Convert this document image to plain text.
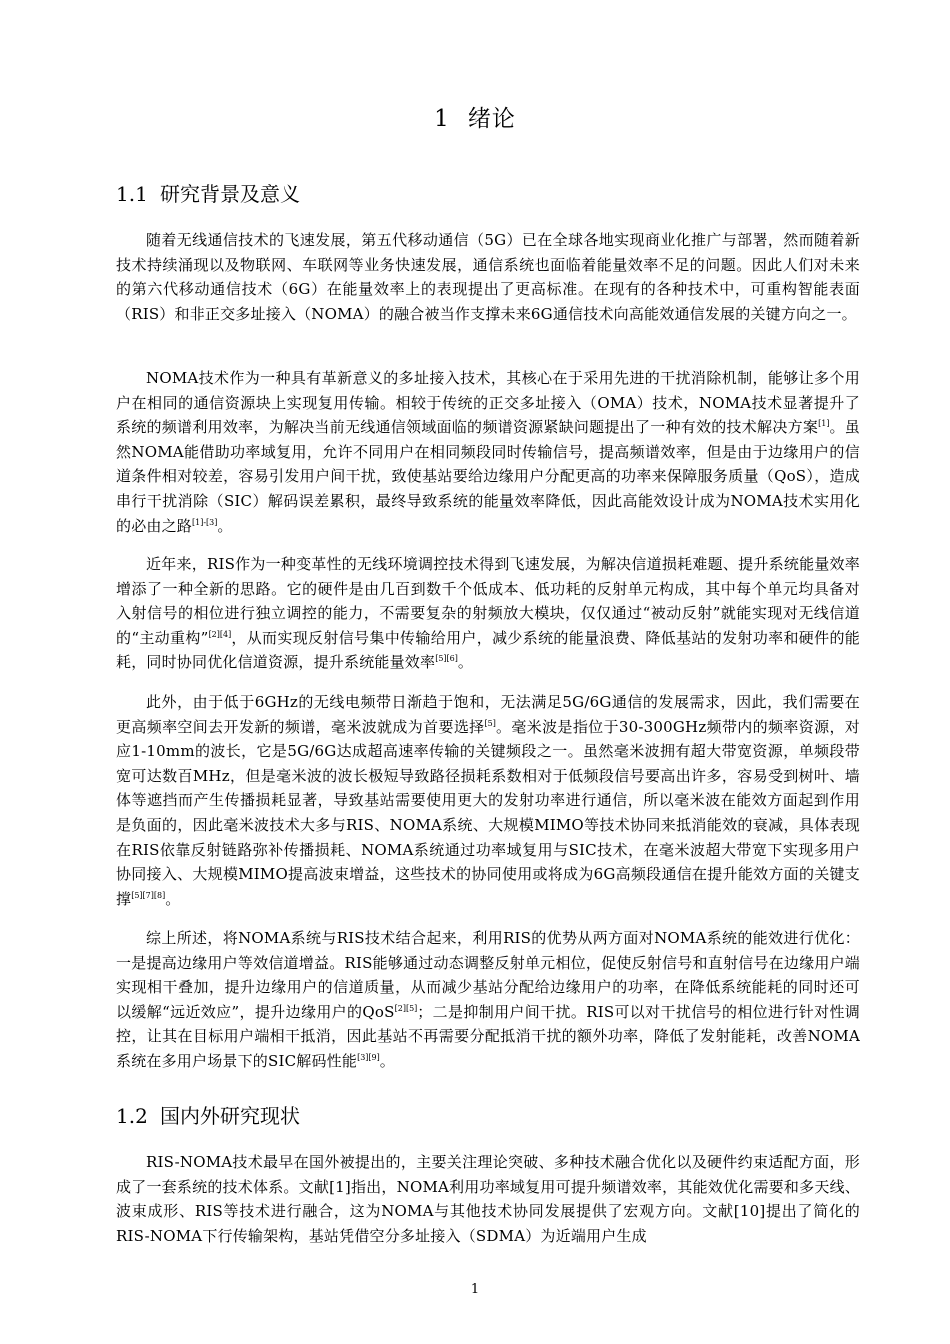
1 绪论
1.1 研究背景及意义

随着无线通信技术的飞速发展，第五代移动通信（5G）已在全球各地实现商业化推广与部署，然而随着新技术持续涌现以及物联网、车联网等业务快速发展，通信系统也面临着能量效率不足的问题。因此人们对未来的第六代移动通信技术（6G）在能量效率上的表现提出了更高标准。在现有的各种技术中，可重构智能表面（RIS）和非正交多址接入（NOMA）的融合被当作支撑未来6G通信技术向高能效通信发展的关键方向之一。

NOMA技术作为一种具有革新意义的多址接入技术，其核心在于采用先进的干扰消除机制，能够让多个用户在相同的通信资源块上实现复用传输。相较于传统的正交多址接入（OMA）技术，NOMA技术显著提升了系统的频谱利用效率，为解决当前无线通信领域面临的频谱资源紧缺问题提出了一种有效的技术解决方案[1]。虽然NOMA能借助功率域复用，允许不同用户在相同频段同时传输信号，提高频谱效率，但是由于边缘用户的信道条件相对较差，容易引发用户间干扰，致使基站要给边缘用户分配更高的功率来保障服务质量（QoS），造成串行干扰消除（SIC）解码误差累积，最终导致系统的能量效率降低，因此高能效设计成为NOMA技术实用化的必由之路[1]-[3]。

近年来，RIS作为一种变革性的无线环境调控技术得到飞速发展，为解决信道损耗难题、提升系统能量效率增添了一种全新的思路。它的硬件是由几百到数千个低成本、低功耗的反射单元构成，其中每个单元均具备对入射信号的相位进行独立调控的能力，不需要复杂的射频放大模块，仅仅通过“被动反射”就能实现对无线信道的“主动重构”[2][4]，从而实现反射信号集中传输给用户，减少系统的能量浪费、降低基站的发射功率和硬件的能耗，同时协同优化信道资源，提升系统能量效率[5][6]。

此外，由于低于6GHz的无线电频带日渐趋于饱和，无法满足5G/6G通信的发展需求，因此，我们需要在更高频率空间去开发新的频谱，毫米波就成为首要选择[5]。毫米波是指位于30-300GHz频带内的频率资源，对应1-10mm的波长，它是5G/6G达成超高速率传输的关键频段之一。虽然毫米波拥有超大带宽资源，单频段带宽可达数百MHz，但是毫米波的波长极短导致路径损耗系数相对于低频段信号要高出许多，容易受到树叶、墙体等遮挡而产生传播损耗显著，导致基站需要使用更大的发射功率进行通信，所以毫米波在能效方面起到作用是负面的，因此毫米波技术大多与RIS、NOMA系统、大规模MIMO等技术协同来抵消能效的衰减，具体表现在RIS依靠反射链路弥补传播损耗、NOMA系统通过功率域复用与SIC技术，在毫米波超大带宽下实现多用户协同接入、大规模MIMO提高波束增益，这些技术的协同使用或将成为6G高频段通信在提升能效方面的关键支撑[5][7][8]。

综上所述，将NOMA系统与RIS技术结合起来，利用RIS的优势从两方面对NOMA系统的能效进行优化：一是提高边缘用户等效信道增益。RIS能够通过动态调整反射单元相位，促使反射信号和直射信号在边缘用户端实现相干叠加，提升边缘用户的信道质量，从而减少基站分配给边缘用户的功率，在降低系统能耗的同时还可以缓解“远近效应”，提升边缘用户的QoS[2][5]；二是抑制用户间干扰。RIS可以对干扰信号的相位进行针对性调控，让其在目标用户端相干抵消，因此基站不再需要分配抵消干扰的额外功率，降低了发射能耗，改善NOMA系统在多用户场景下的SIC解码性能[3][9]。

1.2 国内外研究现状

RIS-NOMA技术最早在国外被提出的，主要关注理论突破、多种技术融合优化以及硬件约束适配方面，形成了一套系统的技术体系。文献[1]指出，NOMA利用功率域复用可提升频谱效率，其能效优化需要和多天线、波束成形、RIS等技术进行融合，这为NOMA与其他技术协同发展提供了宏观方向。文献[10]提出了简化的RIS-NOMA下行传输架构，基站凭借空分多址接入（SDMA）为近端用户生成

1
